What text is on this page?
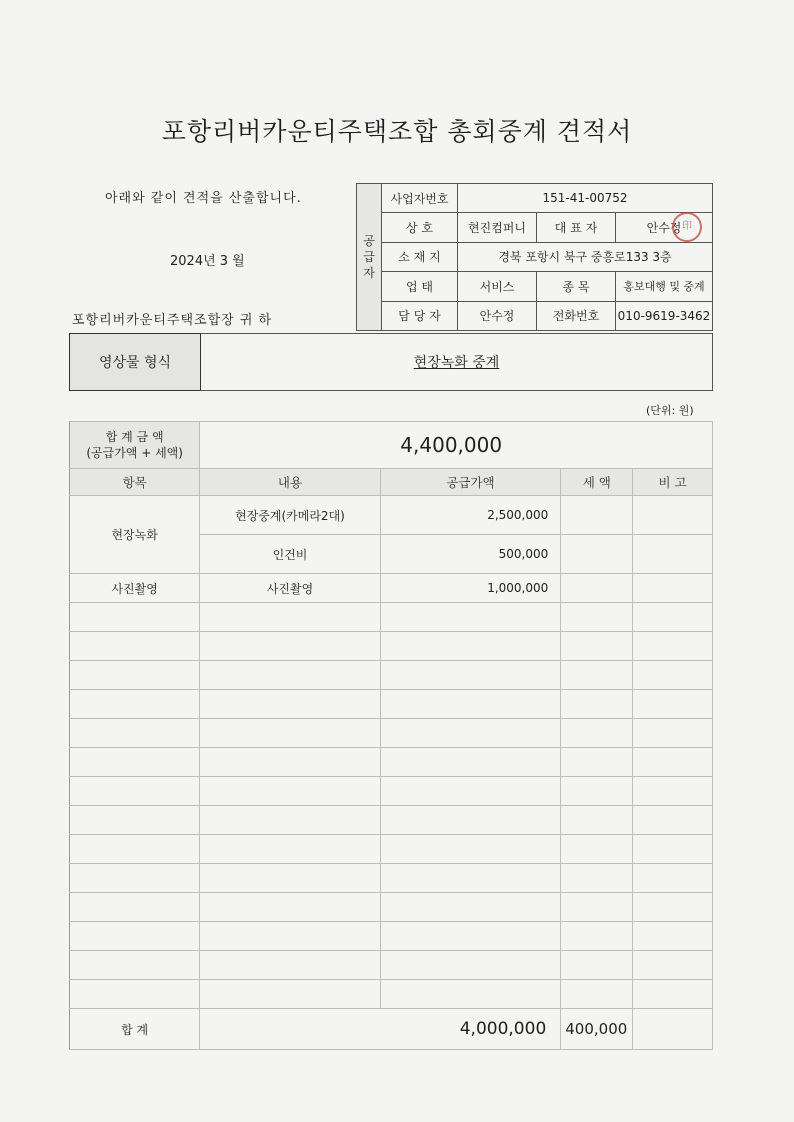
포항리버카운티주택조합 총회중계 견적서
아래와 같이 견적을 산출합니다.
2024년 3 월
포항리버카운티주택조합장 귀 하
공 급 자	사업자번호	151-41-00752		
	상 호	현진컴퍼니	대 표 자	안수정
	소 재 지	경북 포항시 북구 중흥로133 3층		
	업 태	서비스	종 목	홍보대행 및 중계
	담 당 자	안수정	전화번호	010-9619-3462
印
영상물 형식	현장녹화 중계
(단위: 원)
합 계 금 액
(공급가액 + 세액)	4,400,000			
항목	내용	공급가액	세 액	비 고
현장녹화	현장중계(카메라2대)	2,500,000		
	인건비	500,000		
사진촬영	사진촬영	1,000,000		

합 계	4,000,000		400,000	
